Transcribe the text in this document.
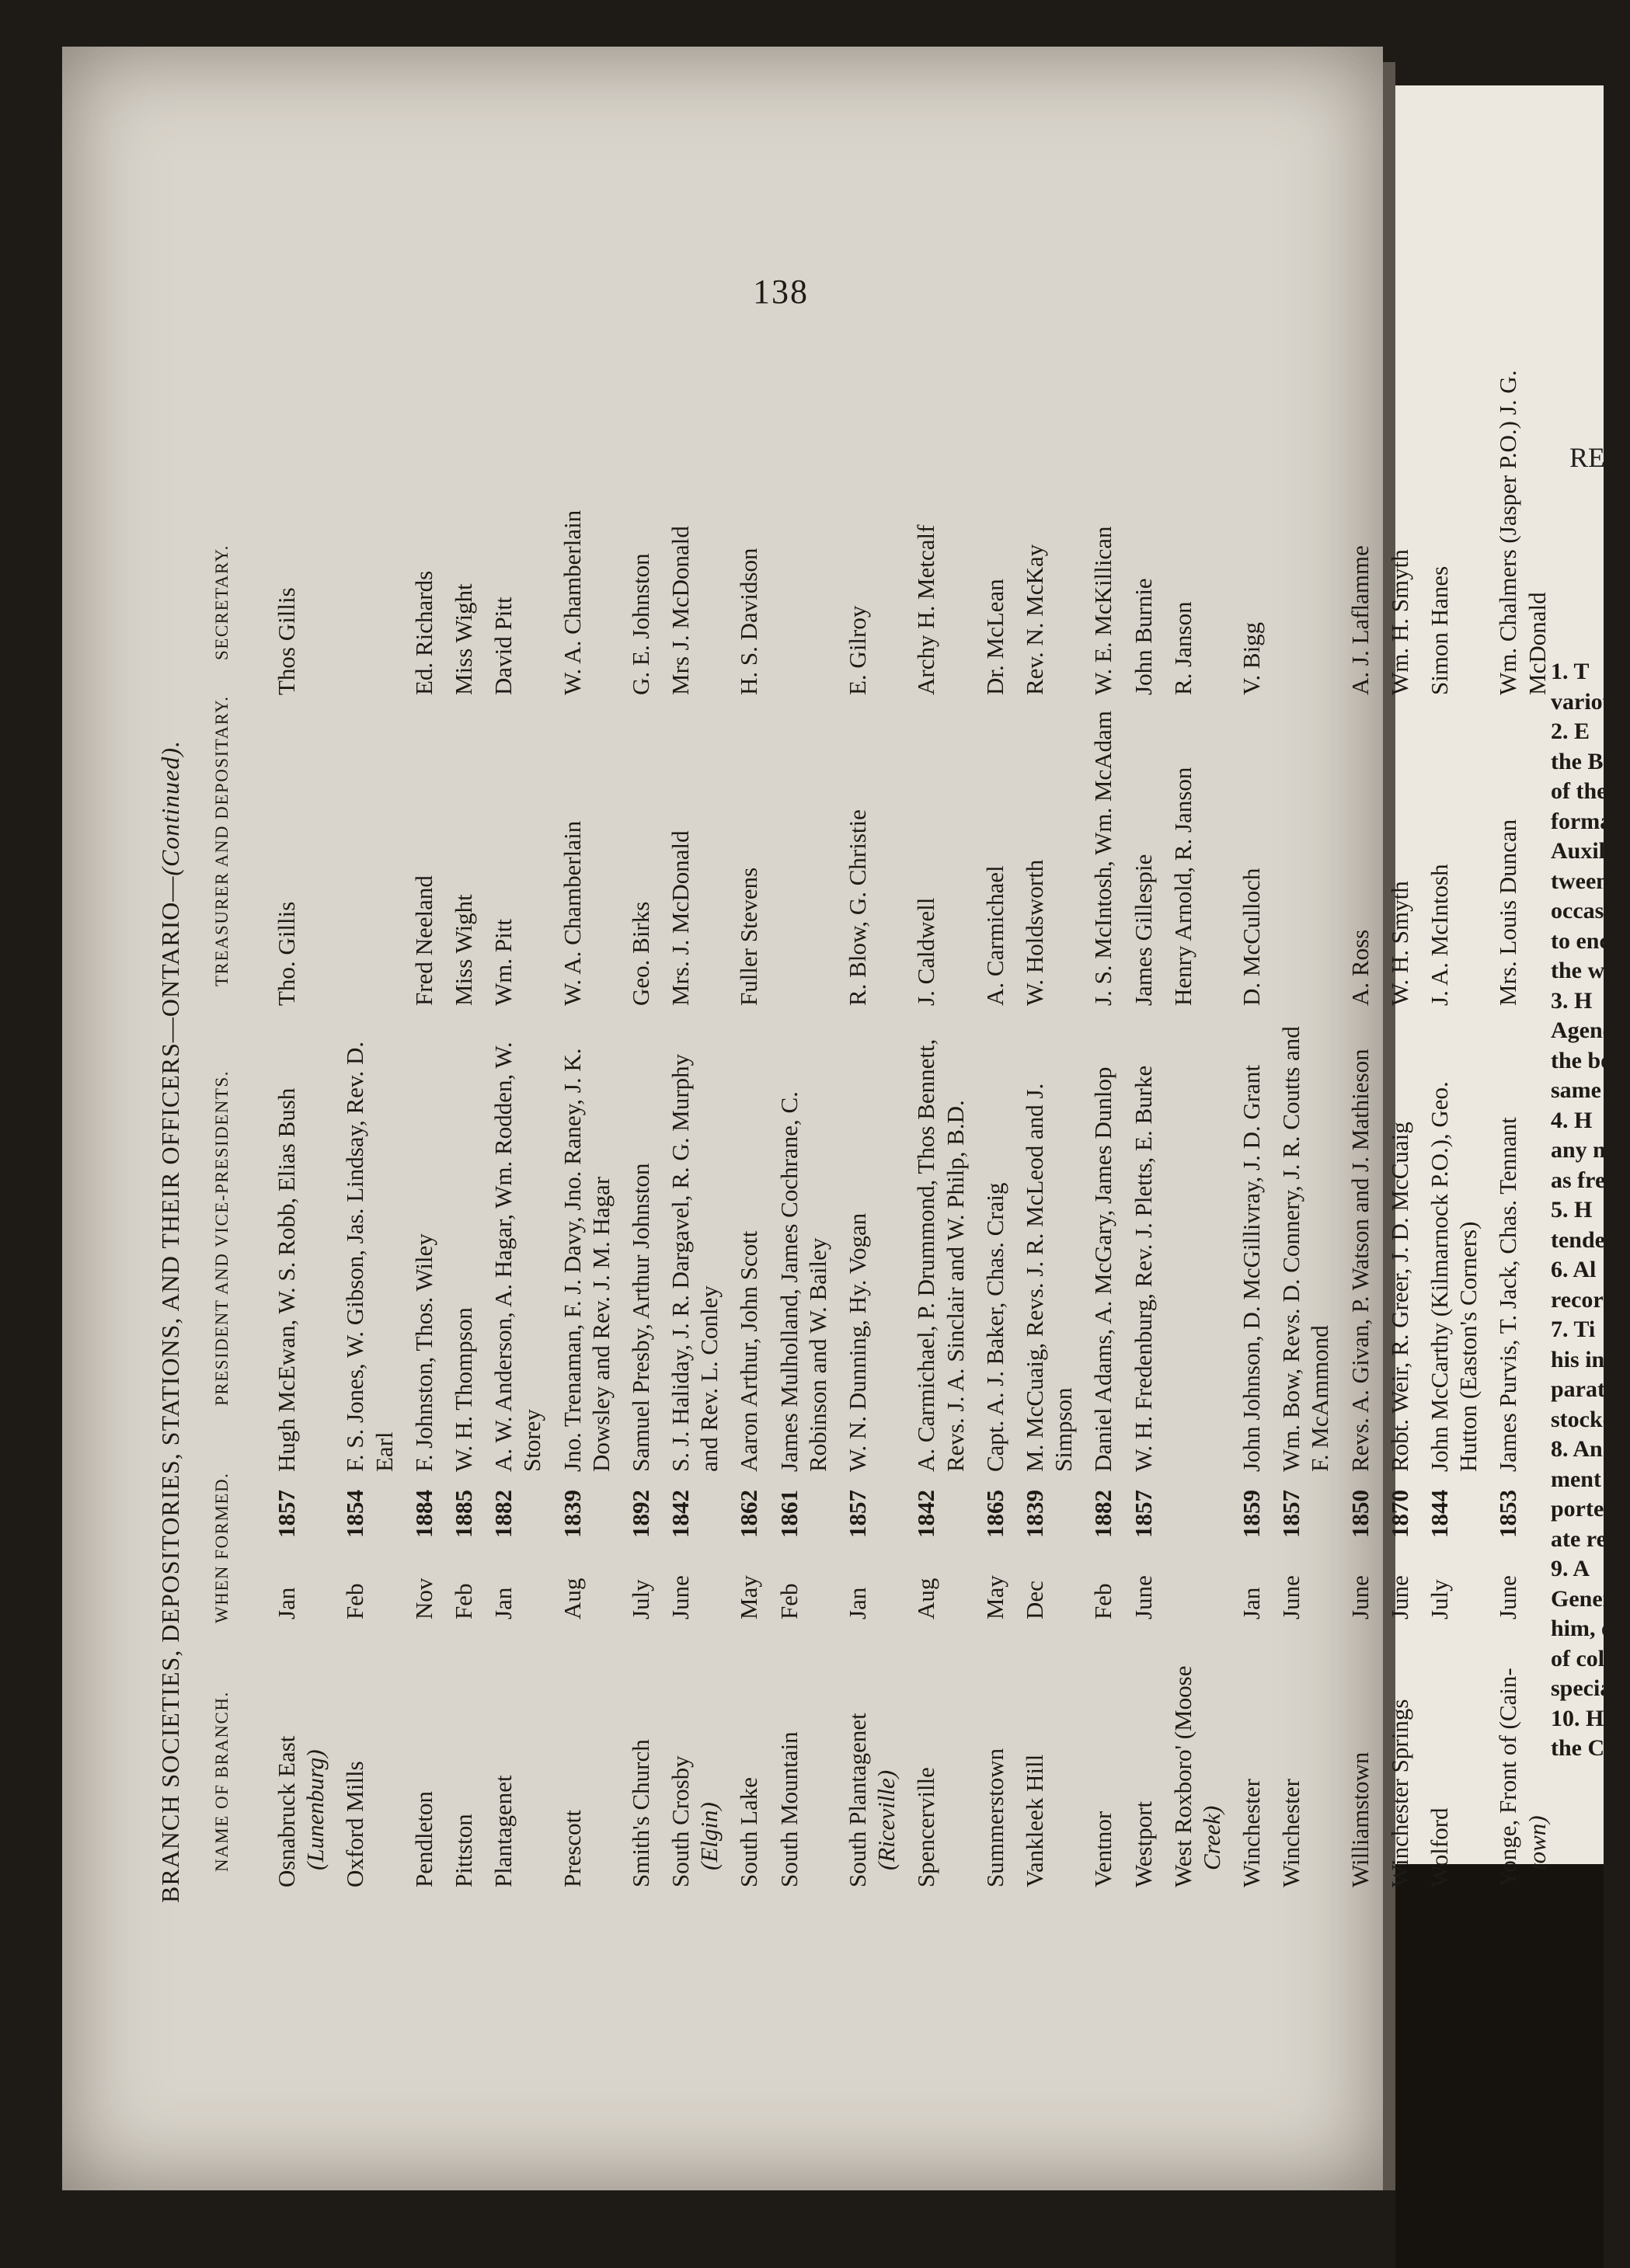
138
BRANCH SOCIETIES, DEPOSITORIES, STATIONS, AND THEIR OFFICERS—ONTARIO—(Continued).
NAME OF BRANCH.
WHEN FORMED.
PRESIDENT AND VICE-PRESIDENTS.
TREASURER AND DEPOSITARY.
SECRETARY.
Osnabruck East (Lunenburg)
Jan
1857
Hugh McEwan, W. S. Robb, Elias Bush
Tho. Gillis
Thos Gillis
Oxford Mills
Feb
1854
F. S. Jones, W. Gibson, Jas. Lindsay, Rev. D. Earl
Pendleton
Nov
1884
F. Johnston, Thos. Wiley
Fred Neeland
Ed. Richards
Pittston
Feb
1885
W. H. Thompson
Miss Wight
Miss Wight
Plantagenet
Jan
1882
A. W. Anderson, A. Hagar, Wm. Rodden, W. Storey
Wm. Pitt
David Pitt
Prescott
Aug
1839
Jno. Trenaman, F. J. Davy, Jno. Raney, J. K. Dowsley and Rev. J. M. Hagar
W. A. Chamberlain
W. A. Chamberlain
Smith's Church
July
1892
Samuel Presby, Arthur Johnston
Geo. Birks
G. E. Johnston
South Crosby (Elgin)
June
1842
S. J. Haliday, J. R. Dargavel, R. G. Murphy and Rev. L. Conley
Mrs. J. McDonald
Mrs J. McDonald
South Lake
May
1862
Aaron Arthur, John Scott
Fuller Stevens
H. S. Davidson
South Mountain
Feb
1861
James Mulholland, James Cochrane, C. Robinson and W. Bailey
South Plantagenet (Riceville)
Jan
1857
W. N. Dunning, Hy. Vogan
R. Blow, G. Christie
E. Gilroy
Spencerville
Aug
1842
A. Carmichael, P. Drummond, Thos Bennett, Revs. J. A. Sinclair and W. Philp, B.D.
J. Caldwell
Archy H. Metcalf
Summerstown
May
1865
Capt. A. J. Baker, Chas. Craig
A. Carmichael
Dr. McLean
Vankleek Hill
Dec
1839
M. McCuaig, Revs. J. R. McLeod and J. Simpson
W. Holdsworth
Rev. N. McKay
Ventnor
Feb
1882
Daniel Adams, A. McGary, James Dunlop
J. S. McIntosh, Wm. McAdam
W. E. McKillican
Westport
June
1857
W. H. Fredenburg, Rev. J. Pletts, E. Burke
James Gillespie
John Burnie
West Roxboro' (Moose Creek)
Henry Arnold, R. Janson
R. Janson
Winchester
Jan
1859
John Johnson, D. McGillivray, J. D. Grant
D. McCulloch
V. Bigg
Winchester
June
1857
Wm. Bow, Revs. D. Connery, J. R. Coutts and F. McAmmond
Williamstown
June
1850
Revs. A. Givan, P. Watson and J. Mathieson
A. Ross
A. J. Laflamme
Winchester Springs
June
1870
Robt. Weir, R. Greer, J. D. McCuaig
W. H. Smyth
Wm. H. Smyth
Wolford
July
1844
John McCarthy (Kilmarnock P.O.), Geo. Hutton (Easton's Corners)
J. A. McIntosh
Simon Hanes
Yonge, Front of (Cain- town)
June
1853
James Purvis, T. Jack, Chas. Tennant
Mrs. Louis Duncan
Wm. Chalmers (Jasper P.O.) J. G. McDonald
RE
1. T
variou
2. E
the B
of the
forma
Auxil
tween
occasi
to enc
the wo
3. H
Agenc
the bo
same
4. H
any m
as free
5. H
tender
6. Al
record
7. Ti
his int
paratio
stock-ta
8. An
ment s
ported
ate rec
9. A
Genera
him, of
of colp
special
10. H
the Con
